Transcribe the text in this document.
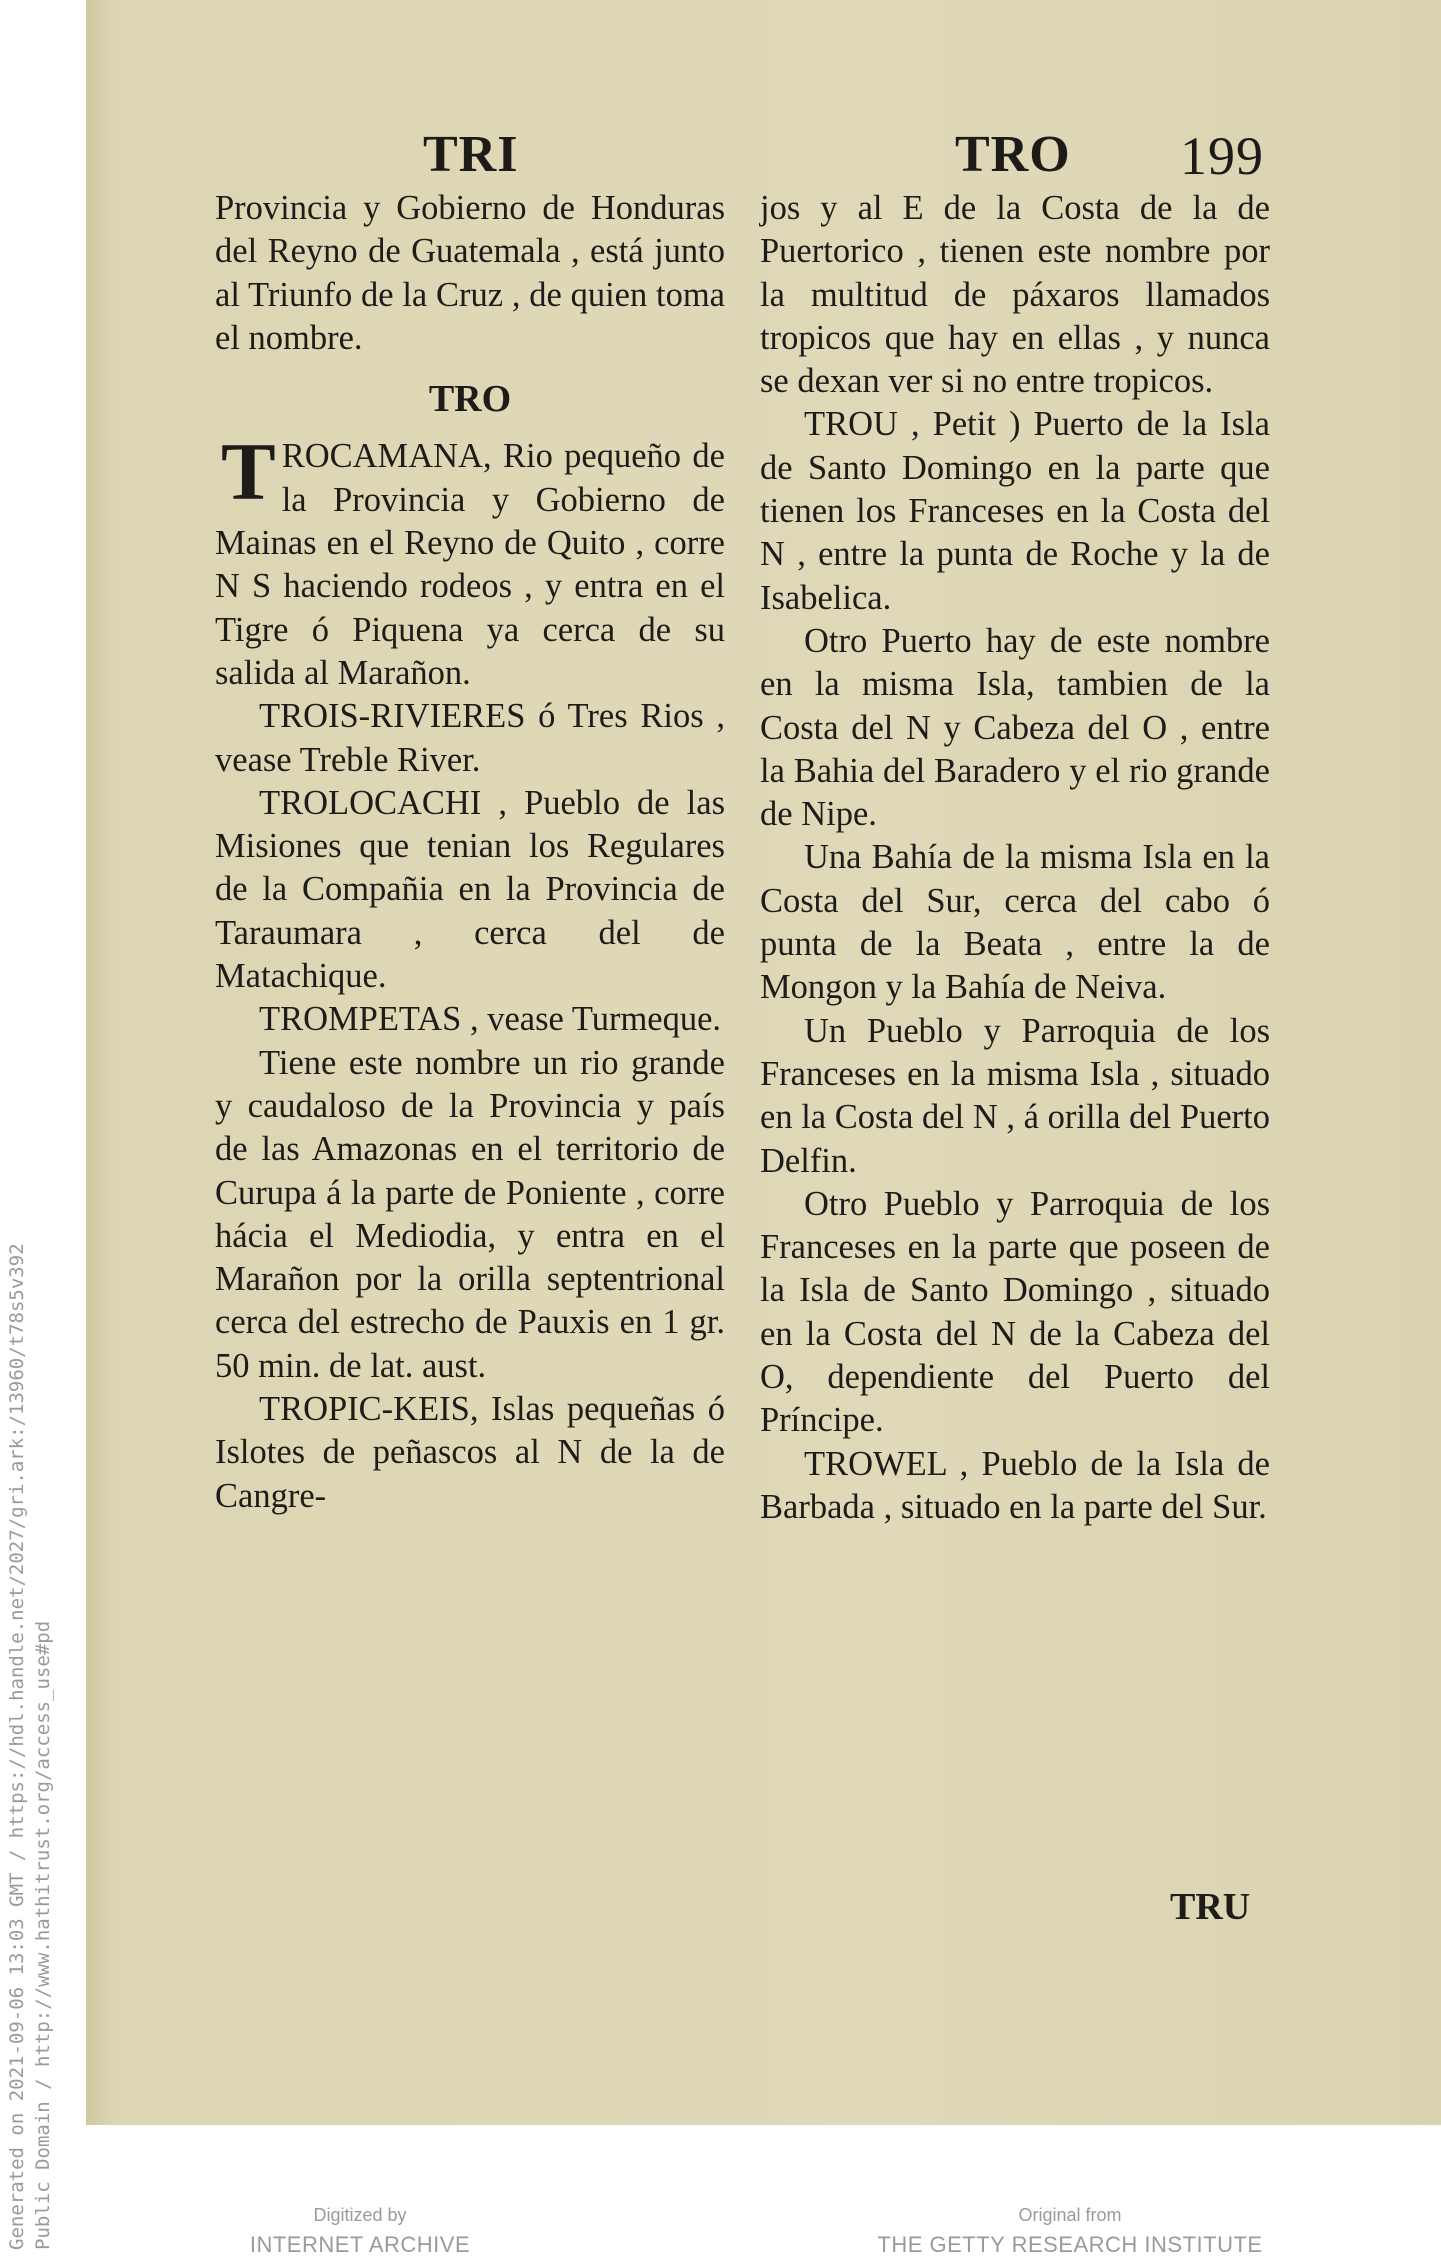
Generated on 2021-09-06 13:03 GMT / https://hdl.handle.net/2027/gri.ark:/13960/t78s5v392 Public Domain / http://www.hathitrust.org/access_use#pd
TRI	TRO 199

Provincia y Gobierno de Honduras del Reyno de Guatemala , está junto al Triunfo de la Cruz , de quien toma el nombre.

TRO

TROCAMANA, Rio pequeño de la Provincia y Gobierno de Mainas en el Reyno de Quito , corre N S haciendo rodeos , y entra en el Tigre ó Piquena ya cerca de su salida al Marañon.

TROIS-RIVIERES ó Tres Rios , vease Treble River.

TROLOCACHI , Pueblo de las Misiones que tenian los Regulares de la Compañia en la Provincia de Taraumara , cerca del de Matachique.

TROMPETAS , vease Turmeque.

Tiene este nombre un rio grande y caudaloso de la Provincia y país de las Amazonas en el territorio de Curupa á la parte de Poniente , corre hácia el Mediodia, y entra en el Marañon por la orilla septentrional cerca del estrecho de Pauxis en 1 gr. 50 min. de lat. aust.

TROPIC-KEIS, Islas pequeñas ó Islotes de peñascos al N de la de Cangre-

jos y al E de la Costa de la de Puertorico , tienen este nombre por la multitud de páxaros llamados tropicos que hay en ellas , y nunca se dexan ver si no entre tropicos.

TROU , Petit ) Puerto de la Isla de Santo Domingo en la parte que tienen los Franceses en la Costa del N , entre la punta de Roche y la de Isabelica.

Otro Puerto hay de este nombre en la misma Isla, tambien de la Costa del N y Cabeza del O , entre la Bahia del Baradero y el rio grande de Nipe.

Una Bahía de la misma Isla en la Costa del Sur, cerca del cabo ó punta de la Beata , entre la de Mongon y la Bahía de Neiva.

Un Pueblo y Parroquia de los Franceses en la misma Isla , situado en la Costa del N , á orilla del Puerto Delfin.

Otro Pueblo y Parroquia de los Franceses en la parte que poseen de la Isla de Santo Domingo , situado en la Costa del N de la Cabeza del O, dependiente del Puerto del Príncipe.

TROWEL , Pueblo de la Isla de Barbada , situado en la parte del Sur.

TRU
Digitized by
INTERNET ARCHIVE
Original from
THE GETTY RESEARCH INSTITUTE
